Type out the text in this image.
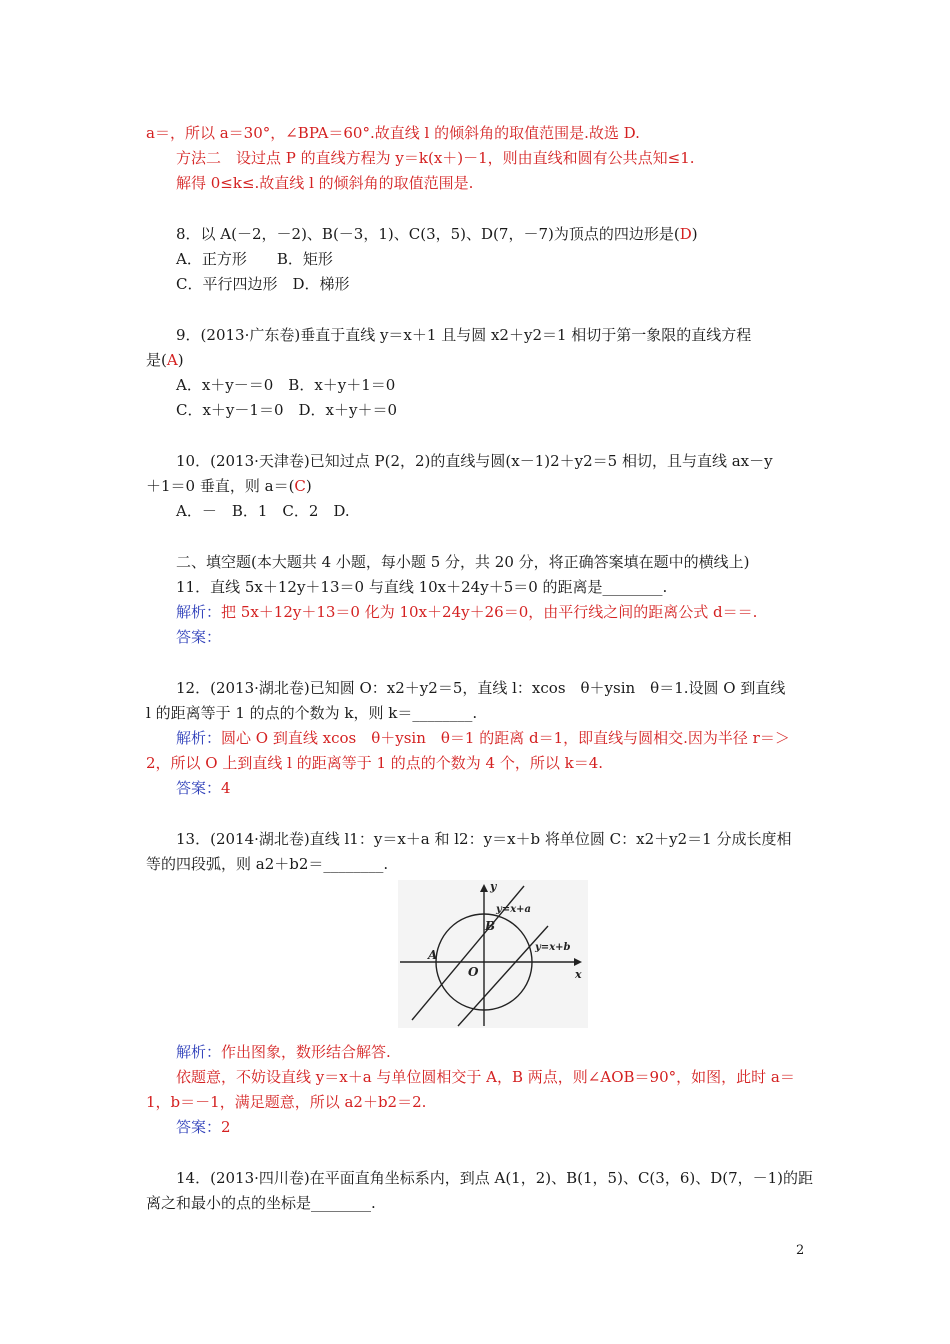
a＝，所以 a＝30°，∠BPA＝60°.故直线 l 的倾斜角的取值范围是.故选 D.
方法二　设过点 P 的直线方程为 y＝k(x＋)－1，则由直线和圆有公共点知≤1.
解得 0≤k≤.故直线 l 的倾斜角的取值范围是.
8．以 A(－2，－2)、B(－3，1)、C(3，5)、D(7，－7)为顶点的四边形是(D)
A．正方形　　B．矩形
C．平行四边形　D．梯形
9．(2013·广东卷)垂直于直线 y＝x＋1 且与圆 x2＋y2＝1 相切于第一象限的直线方程
是(A)
A．x＋y－＝0　B．x＋y＋1＝0
C．x＋y－1＝0　D．x＋y＋＝0
10．(2013·天津卷)已知过点 P(2，2)的直线与圆(x－1)2＋y2＝5 相切，且与直线 ax－y
＋1＝0 垂直，则 a＝(C)
A．－　B．1　C．2　D.
二、填空题(本大题共 4 小题，每小题 5 分，共 20 分，将正确答案填在题中的横线上)
11．直线 5x＋12y＋13＝0 与直线 10x＋24y＋5＝0 的距离是________.
解析：把 5x＋12y＋13＝0 化为 10x＋24y＋26＝0，由平行线之间的距离公式 d＝＝.
答案：
12．(2013·湖北卷)已知圆 O：x2＋y2＝5，直线 l：xcos　θ＋ysin　θ＝1.设圆 O 到直线
l 的距离等于 1 的点的个数为 k，则 k＝________.
解析：圆心 O 到直线 xcos　θ＋ysin　θ＝1 的距离 d＝1，即直线与圆相交.因为半径 r＝＞
2，所以 O 上到直线 l 的距离等于 1 的点的个数为 4 个，所以 k＝4.
答案：4
13．(2014·湖北卷)直线 l1：y＝x＋a 和 l2：y＝x＋b 将单位圆 C：x2＋y2＝1 分成长度相
等的四段弧，则 a2＋b2＝________.
y
x
y=x+a
y=x+b
A
B
O
解析：作出图象，数形结合解答.
依题意，不妨设直线 y＝x＋a 与单位圆相交于 A，B 两点，则∠AOB＝90°，如图，此时 a＝
1，b＝－1，满足题意，所以 a2＋b2＝2.
答案：2
14．(2013·四川卷)在平面直角坐标系内，到点 A(1，2)、B(1，5)、C(3，6)、D(7，－1)的距
离之和最小的点的坐标是________.
2
